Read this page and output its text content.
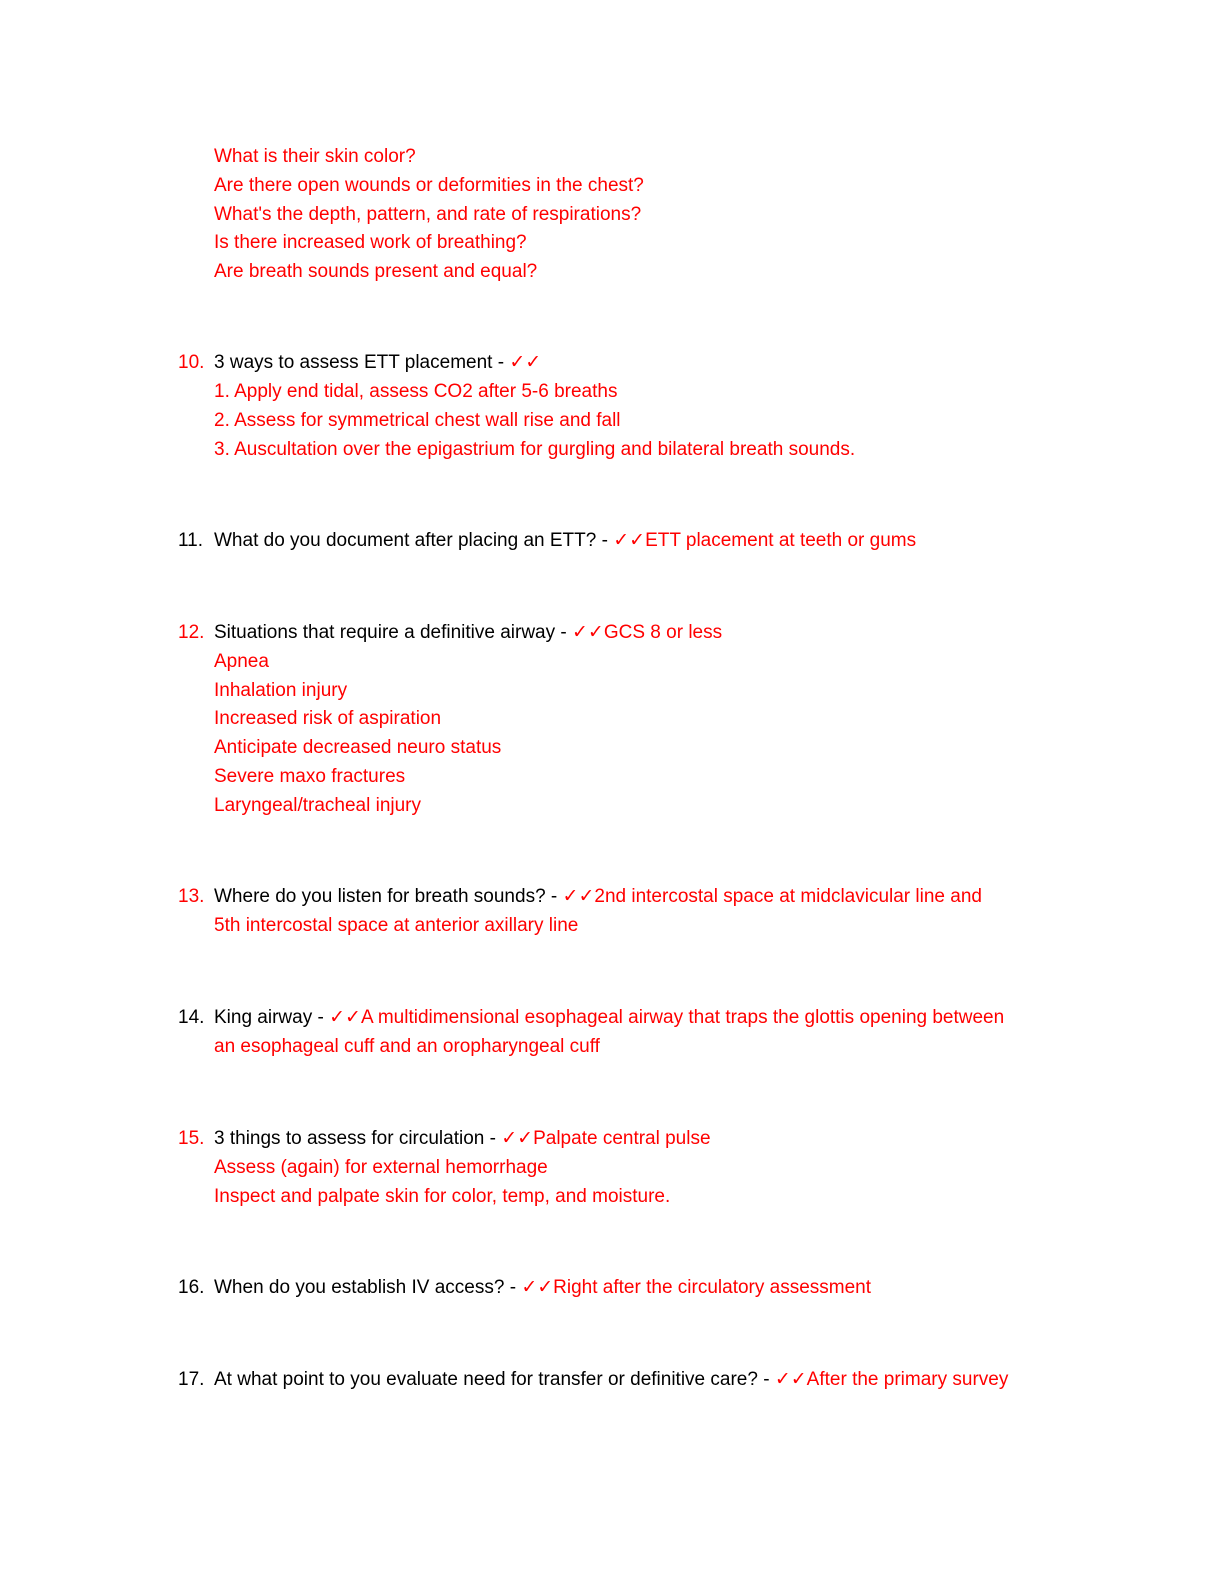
What is their skin color?
Are there open wounds or deformities in the chest?
What's the depth, pattern, and rate of respirations?
Is there increased work of breathing?
Are breath sounds present and equal?
10. 3 ways to assess ETT placement - ✓✓
1. Apply end tidal, assess CO2 after 5-6 breaths
2. Assess for symmetrical chest wall rise and fall
3. Auscultation over the epigastrium for gurgling and bilateral breath sounds.
11. What do you document after placing an ETT? - ✓✓ETT placement at teeth or gums
12. Situations that require a definitive airway - ✓✓GCS 8 or less
Apnea
Inhalation injury
Increased risk of aspiration
Anticipate decreased neuro status
Severe maxo fractures
Laryngeal/tracheal injury
13. Where do you listen for breath sounds? - ✓✓2nd intercostal space at midclavicular line and
5th intercostal space at anterior axillary line
14. King airway - ✓✓A multidimensional esophageal airway that traps the glottis opening between
an esophageal cuff and an oropharyngeal cuff
15. 3 things to assess for circulation - ✓✓Palpate central pulse
Assess (again) for external hemorrhage
Inspect and palpate skin for color, temp, and moisture.
16. When do you establish IV access? - ✓✓Right after the circulatory assessment
17. At what point to you evaluate need for transfer or definitive care? - ✓✓After the primary survey
